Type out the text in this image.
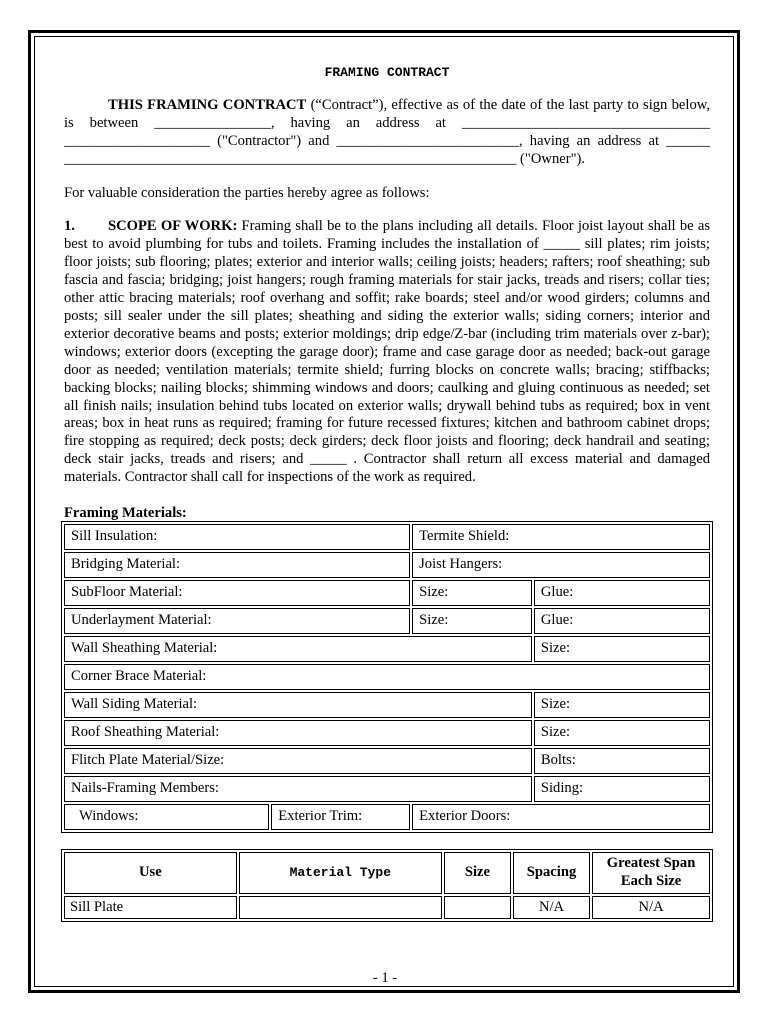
FRAMING CONTRACT

THIS FRAMING CONTRACT (“Contract”), effective as of the date of the last party to sign below, is between ________________, having an address at __________________________________ ____________________ ("Contractor") and _________________________, having an address at ______ ______________________________________________________________ ("Owner").

For valuable consideration the parties hereby agree as follows:

1. SCOPE OF WORK: Framing shall be to the plans including all details. Floor joist layout shall be as best to avoid plumbing for tubs and toilets. Framing includes the installation of _____ sill plates; rim joists; floor joists; sub flooring; plates; exterior and interior walls; ceiling joists; headers; rafters; roof sheathing; sub fascia and fascia; bridging; joist hangers; rough framing materials for stair jacks, treads and risers; collar ties; other attic bracing materials; roof overhang and soffit; rake boards; steel and/or wood girders; columns and posts; sill sealer under the sill plates; sheathing and siding the exterior walls; siding corners; interior and exterior decorative beams and posts; exterior moldings; drip edge/Z-bar (including trim materials over z-bar); windows; exterior doors (excepting the garage door); frame and case garage door as needed; back-out garage door as needed; ventilation materials; termite shield; furring blocks on concrete walls; bracing; stiffbacks; backing blocks; nailing blocks; shimming windows and doors; caulking and gluing continuous as needed; set all finish nails; insulation behind tubs located on exterior walls; drywall behind tubs as required; box in vent areas; box in heat runs as required; framing for future recessed fixtures; kitchen and bathroom cabinet drops; fire stopping as required; deck posts; deck girders; deck floor joists and flooring; deck handrail and seating; deck stair jacks, treads and risers; and _____ . Contractor shall return all excess material and damaged materials. Contractor shall call for inspections of the work as required.

Framing Materials:
Sill Insulation:		Termite Shield:	
Bridging Material:		Joist Hangers:	
SubFloor Material:		Size:	Glue:
Underlayment Material:		Size:	Glue:
Wall Sheathing Material:			Size:
Corner Brace Material:			
Wall Siding Material:			Size:
Roof Sheathing Material:			Size:
Flitch Plate Material/Size:			Bolts:
Nails-Framing Members:			Siding:
Windows:	Exterior Trim:	Exterior Doors:	
Use	Material Type	Size	Spacing	Greatest Span
Each Size
Sill Plate			N/A	N/A
- 1 -
